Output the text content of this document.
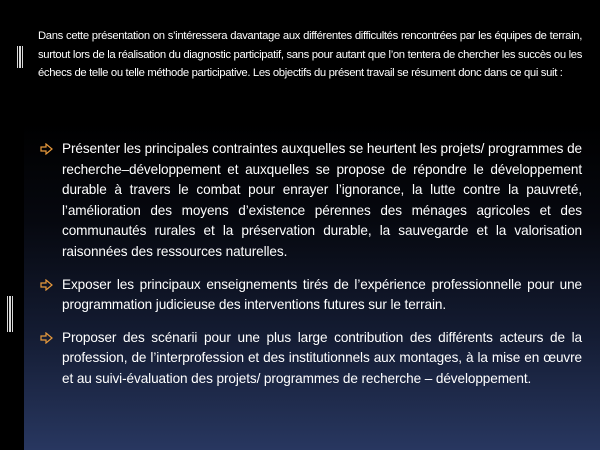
Dans cette présentation on s’intéressera davantage aux différentes difficultés rencontrées par les équipes de terrain, surtout lors de la réalisation du diagnostic participatif, sans pour autant que l’on tentera de chercher les succès ou les échecs de telle ou telle méthode participative. Les objectifs du présent travail se résument donc dans ce qui suit :

Présenter les principales contraintes auxquelles se heurtent les projets/ programmes de recherche–développement et auxquelles se propose de répondre le développement durable à travers le combat pour enrayer l’ignorance, la lutte contre la pauvreté, l’amélioration des moyens d’existence pérennes des ménages agricoles et des communautés rurales et la préservation durable, la sauvegarde et la valorisation raisonnées des ressources naturelles.
Exposer les principaux enseignements tirés de l’expérience professionnelle pour une programmation judicieuse des interventions futures sur le terrain.
Proposer des scénarii pour une plus large contribution des différents acteurs de la profession, de l’interprofession et des institutionnels aux montages, à la mise en œuvre et au suivi-évaluation des projets/ programmes de recherche – développement.
